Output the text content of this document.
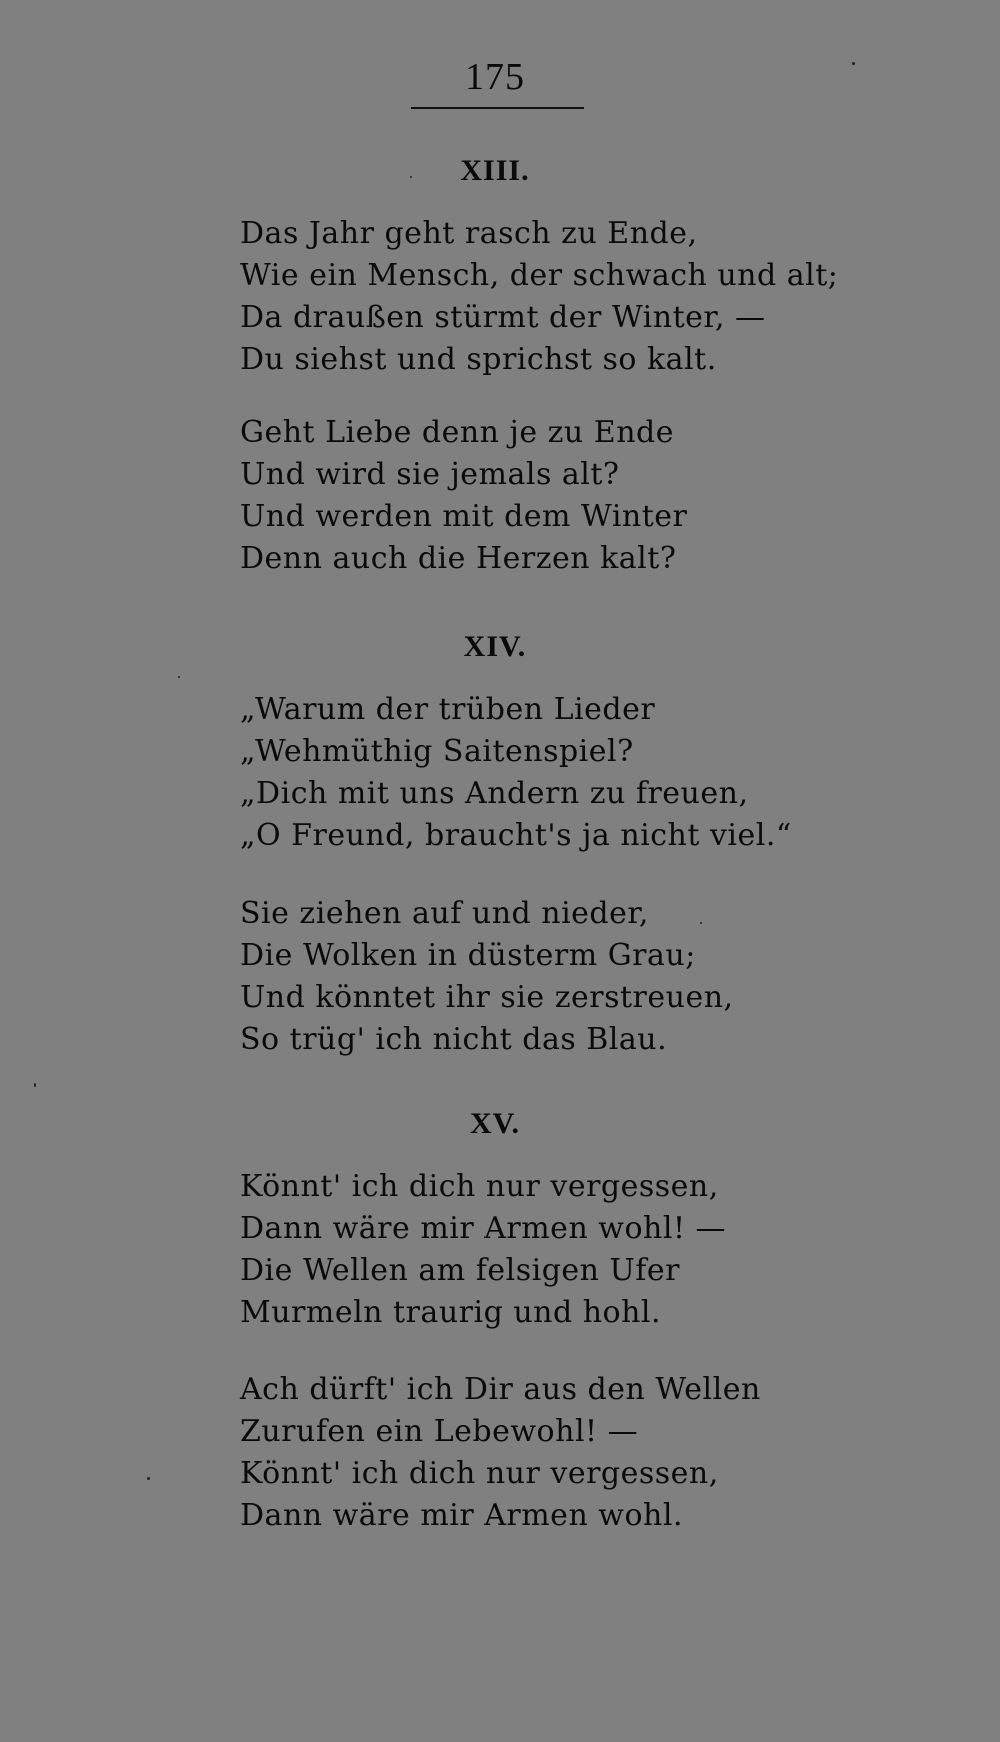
175
XIII.
Das Jahr geht rasch zu Ende,
Wie ein Mensch, der schwach und alt;
Da draußen stürmt der Winter, —
Du siehst und sprichst so kalt.
Geht Liebe denn je zu Ende
Und wird sie jemals alt?
Und werden mit dem Winter
Denn auch die Herzen kalt?
XIV.
„Warum der trüben Lieder
„Wehmüthig Saitenspiel?
„Dich mit uns Andern zu freuen,
„O Freund, braucht's ja nicht viel.“
Sie ziehen auf und nieder,
Die Wolken in düsterm Grau;
Und könntet ihr sie zerstreuen,
So trüg' ich nicht das Blau.
XV.
Könnt' ich dich nur vergessen,
Dann wäre mir Armen wohl! —
Die Wellen am felsigen Ufer
Murmeln traurig und hohl.
Ach dürft' ich Dir aus den Wellen
Zurufen ein Lebewohl! —
Könnt' ich dich nur vergessen,
Dann wäre mir Armen wohl.
